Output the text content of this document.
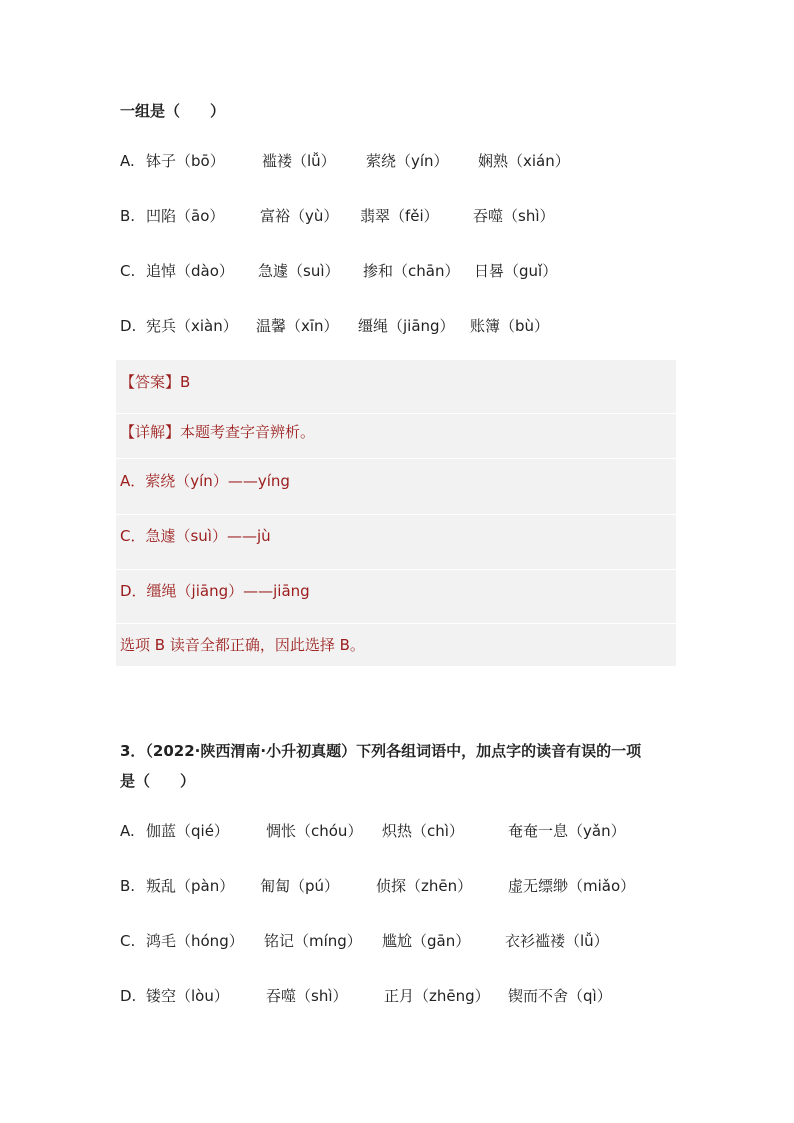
一组是（　　）
A. 钵子（bō） 褴褛（lǚ） 萦绕（yín） 娴熟（xián）
B. 凹陷（āo） 富裕（yù） 翡翠（fěi） 吞噬（shì）
C. 追悼（dào） 急遽（suì） 掺和（chān） 日晷（guǐ）
D. 宪兵（xiàn） 温馨（xīn） 缰绳（jiāng） 账簿（bù）
【答案】B
【详解】本题考查字音辨析。
A．萦绕（yín）——yíng
C．急遽（suì）——jù
D．缰绳（jiāng）——jiāng
选项 B 读音全都正确，因此选择 B。
3．（2022·陕西渭南·小升初真题）下列各组词语中，加点字的读音有误的一项
是（　　）
A. 伽蓝（qié） 惆怅（chóu） 炽热（chì）	奄奄一息（yǎn）
B. 叛乱（pàn） 匍匐（pú） 侦探（zhēn） 虚无缥缈（miǎo）
C. 鸿毛（hóng） 铭记（míng） 尴尬（gān） 衣衫褴褛（lǚ）
D. 镂空（lòu） 吞噬（shì） 正月（zhēng） 锲而不舍（qì）
